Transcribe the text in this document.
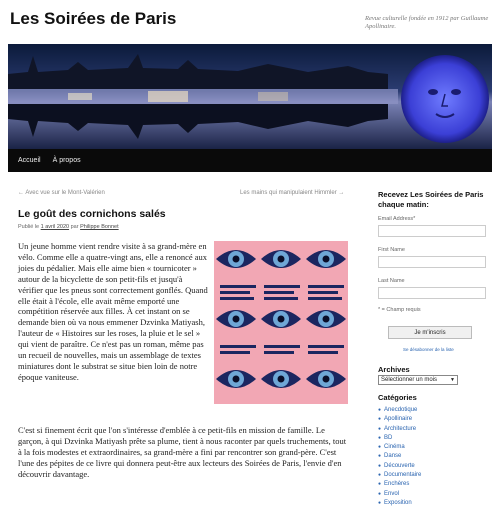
Les Soirées de Paris	Revue culturelle fondée en 1912 par Guillaume Apollinaire.
Accueil À propos
← Avec vue sur le Mont-Valérien	Les mains qui manipulaient Himmler →
Le goût des cornichons salés
Publié le 1 avril 2020 par Philippe Bonnet
Un jeune homme vient rendre visite à sa grand-mère en vélo. Comme elle a quatre-vingt ans, elle a renoncé aux joies du pédalier. Mais elle aime bien « tournicoter » autour de la bicyclette de son petit-fils et jusqu'à vérifier que les pneus sont correctement gonflés. Quand elle était à l'école, elle avait même emporté une compétition réservée aux filles. À cet instant on se demande bien où va nous emmener Dzvinka Matiyash, l'auteur de « Histoires sur les roses, la pluie et le sel » qui vient de paraître. Ce n'est pas un roman, même pas un recueil de nouvelles, mais un assemblage de textes miniatures dont le substrat se situe bien loin de notre époque vaniteuse.
C'est si finement écrit que l'on s'intéresse d'emblée à ce petit-fils en mission de famille. Le garçon, à qui Dzvinka Matiyash prête sa plume, tient à nous raconter par quels truchements, tout à la fois modestes et extraordinaires, sa grand-mère a fini par rencontrer son grand-père. C'est l'une des pépites de ce livre qui donnera peut-être aux lecteurs des Soirées de Paris, l'envie d'en découvrir davantage.
Recevez Les Soirées de Paris chaque matin:
Email Address*
First Name
Last Name
* = Champ requis
Je m'inscris
Se désabonner de la liste
Archives
Sélectionner un mois	▼
Catégories
● Anecdotique
● Apollinaire
● Architecture
● BD
● Cinéma
● Danse
● Découverte
● Documentaire
● Enchères
● Envol
● Exposition
